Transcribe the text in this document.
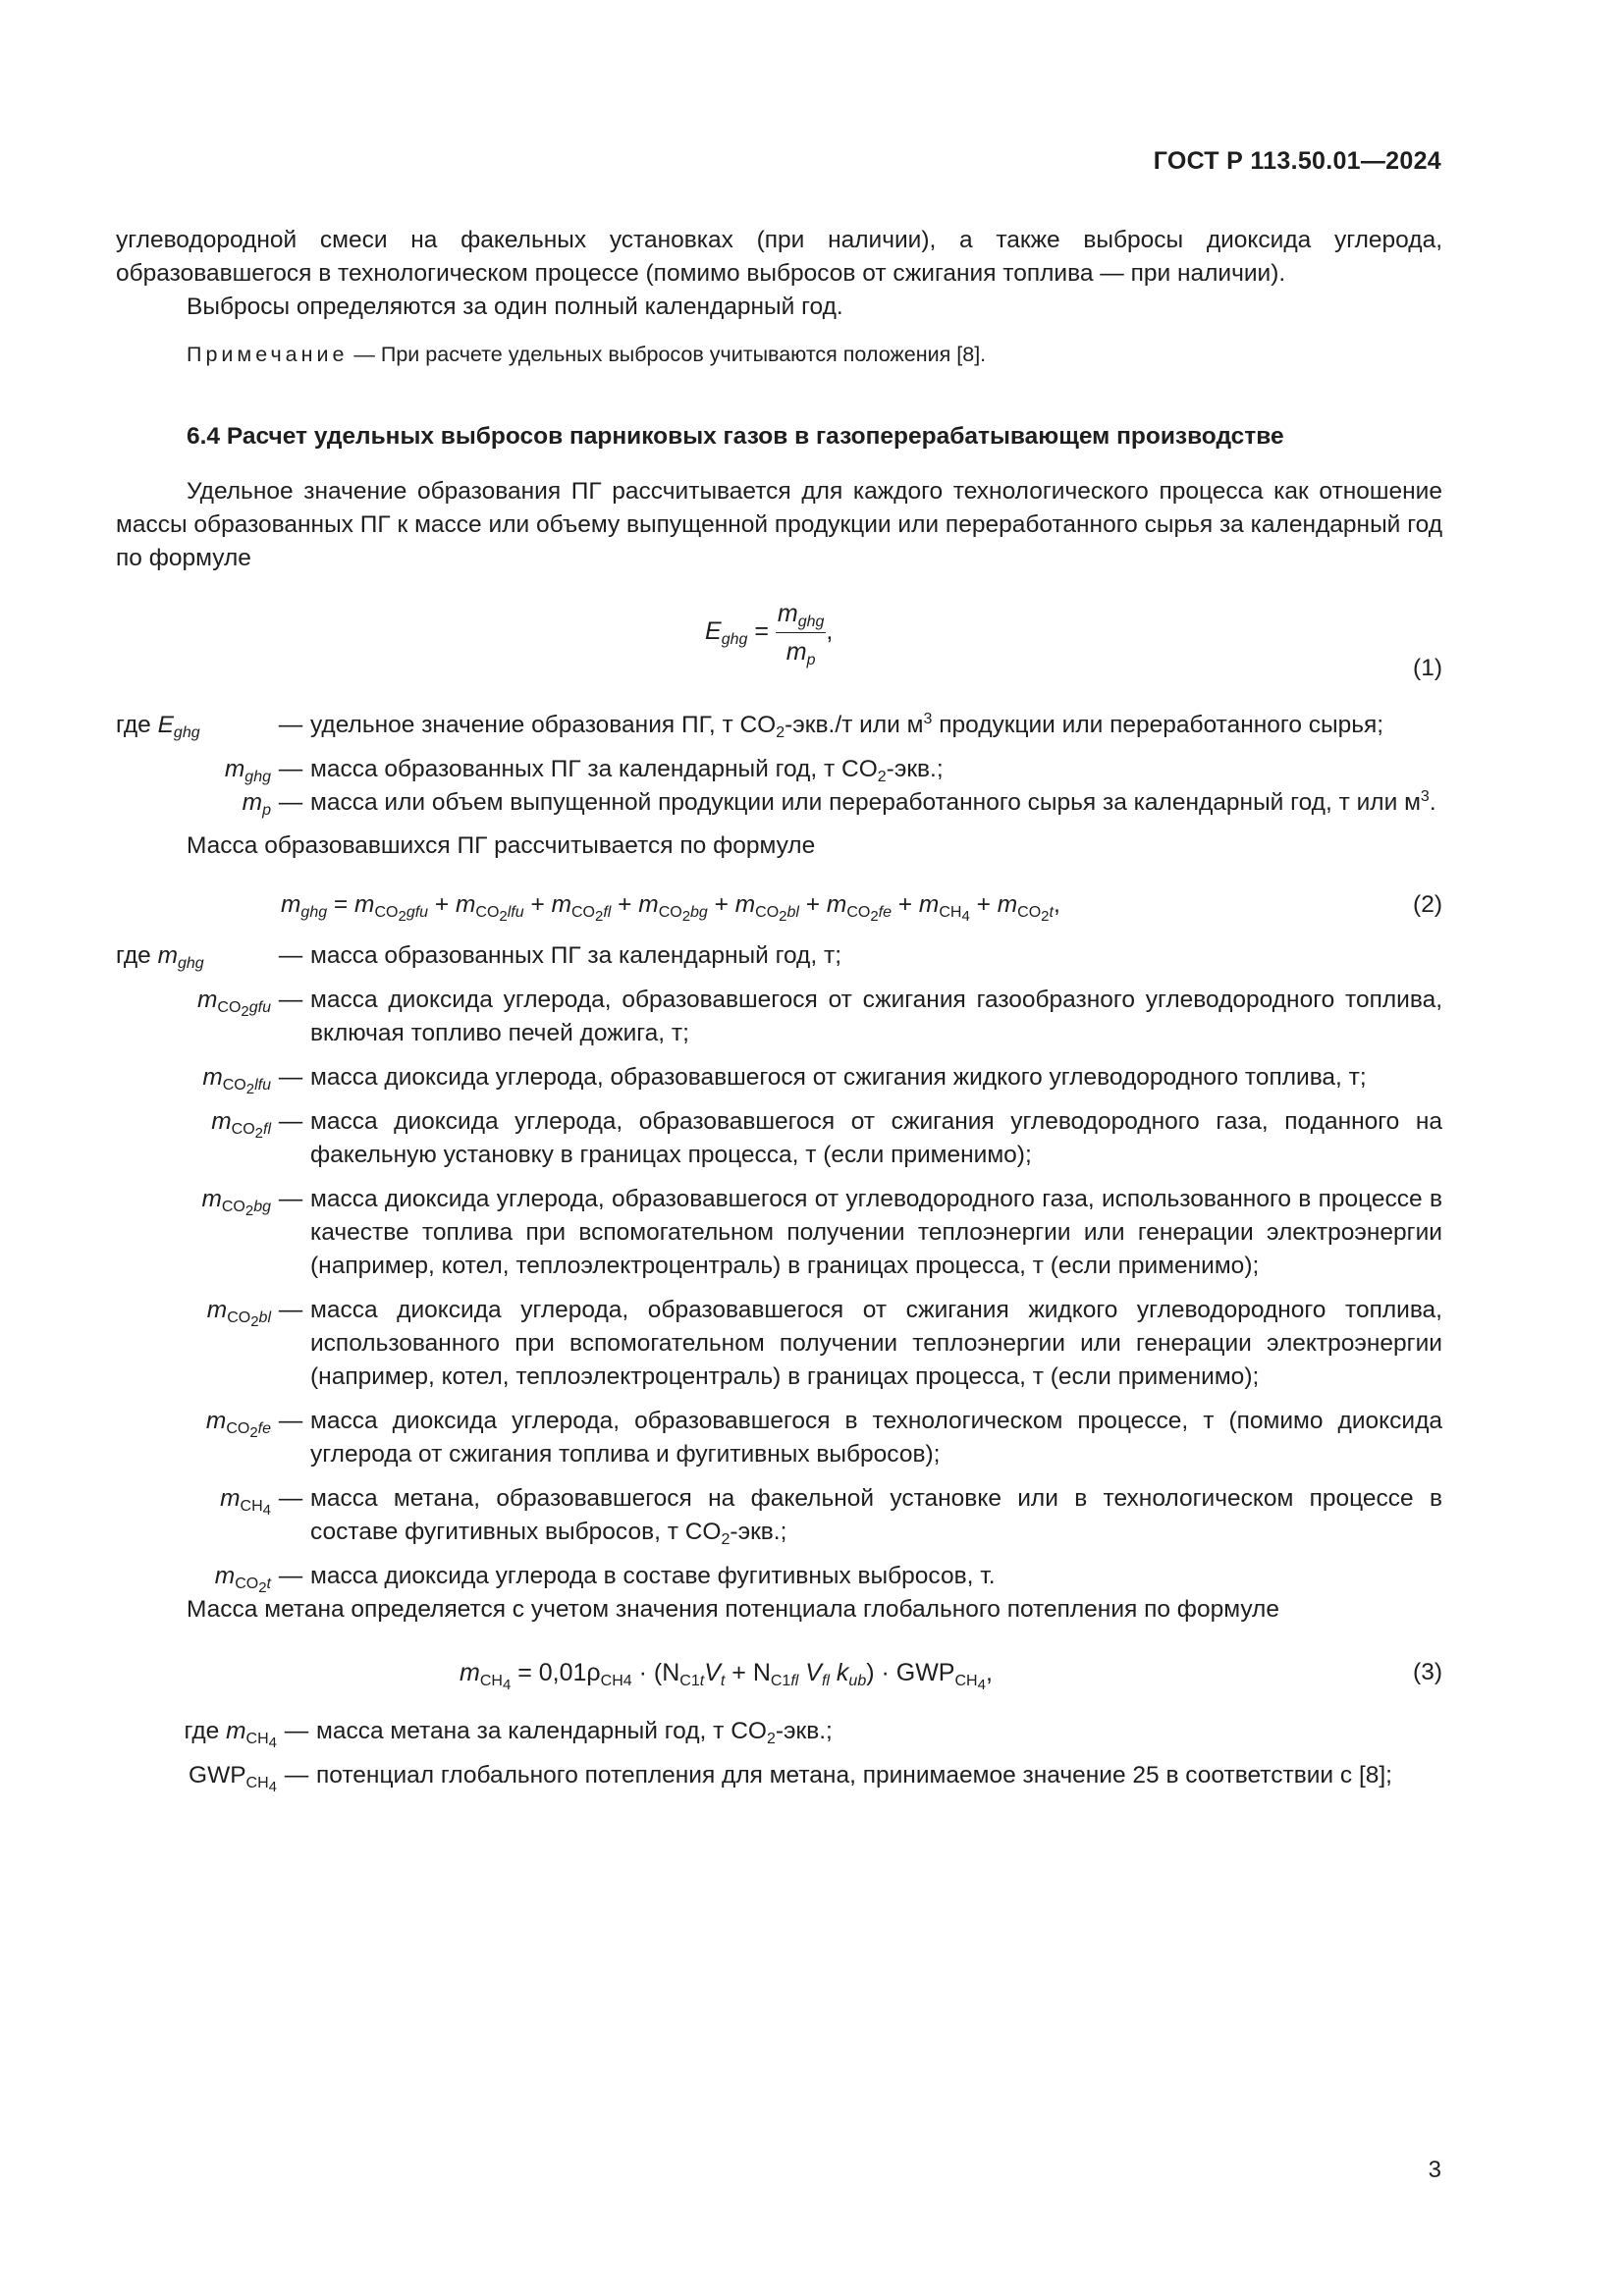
ГОСТ Р 113.50.01—2024

углеводородной смеси на факельных установках (при наличии), а также выбросы диоксида углерода, образовавшегося в технологическом процессе (помимо выбросов от сжигания топлива — при наличии).

Выбросы определяются за один полный календарный год.

Примечание — При расчете удельных выбросов учитываются положения [8].

6.4 Расчет удельных выбросов парниковых газов в газоперерабатывающем производстве

Удельное значение образования ПГ рассчитывается для каждого технологического процесса как отношение массы образованных ПГ к массе или объему выпущенной продукции или переработанного сырья за календарный год по формуле

$E_{ghg} = \frac{m_{ghg}}{m_p}$ ,
(1)
где $E_{ghg}$	—	удельное значение образования ПГ, т $CO_2-экв./т$ или $м^3$ продукции или переработанного сырья;
$m_{ghg}$	—	масса образованных ПГ за календарный год, т $CO_2$-экв.;
$m_p$	—	масса или объем выпущенной продукции или переработанного сырья за календарный год, т или $м^3$.

Масса образовавшихся ПГ рассчитывается по формуле

$m_{ghg} = m_{CO_2gfu} + m_{CO_2lfu} + m_{CO_2fl} + m_{CO_2bg} + m_{CO_2bl} + m_{CO_2fe} + m_{CH_4} + m_{CO_2t}$,	(2)
где $m_{ghg}$	—	масса образованных ПГ за календарный год, т;
$m_{CO_2gfu}$	—	масса диоксида углерода, образовавшегося от сжигания газообразного углеводородного топлива, включая топливо печей дожига, т;
$m_{CO_2lfu}$	—	масса диоксида углерода, образовавшегося от сжигания жидкого углеводородного топлива, т;
$m_{CO_2fl}$	—	масса диоксида углерода, образовавшегося от сжигания углеводородного газа, поданного на факельную установку в границах процесса, т (если применимо);
$m_{CO_2bg}$	—	масса диоксида углерода, образовавшегося от углеводородного газа, использованного в процессе в качестве топлива при вспомогательном получении теплоэнергии или генерации электроэнергии (например, котел, теплоэлектроцентраль) в границах процесса, т (если применимо);
$m_{CO_2bl}$	—	масса диоксида углерода, образовавшегося от сжигания жидкого углеводородного топлива, использованного при вспомогательном получении теплоэнергии или генерации электроэнергии (например, котел, теплоэлектроцентраль) в границах процесса, т (если применимо);
$m_{CO_2fe}$	—	масса диоксида углерода, образовавшегося в технологическом процессе, т (помимо диоксида углерода от сжигания топлива и фугитивных выбросов);
$m_{CH_4}$	—	масса метана, образовавшегося на факельной установке или в технологическом процессе в составе фугитивных выбросов, т $CO_2$-экв.;
$m_{CO_2t}$	—	масса диоксида углерода в составе фугитивных выбросов, т.

Масса метана определяется с учетом значения потенциала глобального потепления по формуле

$m_{CH_4} = 0,01\rho_{CH4} \cdot (N_{C1t}V_t + N_{C1fl}$ $V_{fl}$ $k_{ub}) \cdot GWP_{CH_4}$,	(3)
где $m_{CH_4}$	—	масса метана за календарный год, т $CO_2$-экв.;
$GWP_{CH_4}$	—	потенциал глобального потепления для метана, принимаемое значение 25 в соответствии с [8];
3
